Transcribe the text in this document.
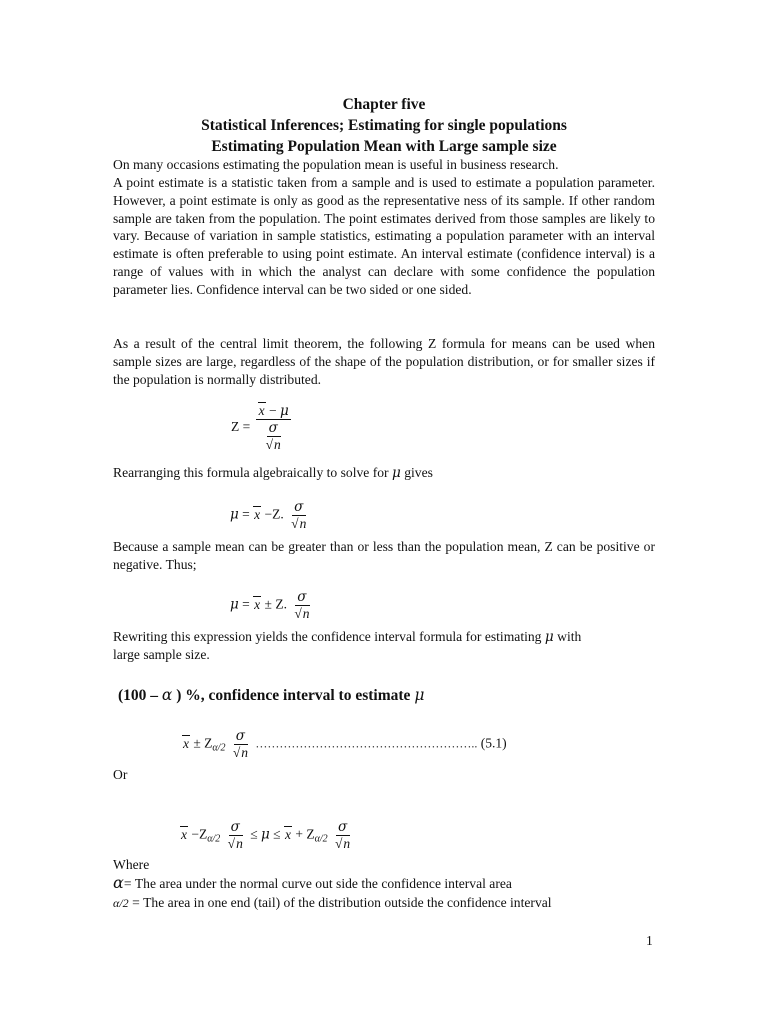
Chapter five
Statistical Inferences; Estimating for single populations
Estimating Population Mean with Large sample size

On many occasions estimating the population mean is useful in business research.

A point estimate is a statistic taken from a sample and is used to estimate a population parameter. However, a point estimate is only as good as the representative ness of its sample. If other random sample are taken from the population. The point estimates derived from those samples are likely to vary. Because of variation in sample statistics, estimating a population parameter with an interval estimate is often preferable to using point estimate. An interval estimate (confidence interval) is a range of values with in which the analyst can declare with some confidence the population parameter lies. Confidence interval can be two sided or one sided.

As a result of the central limit theorem, the following Z formula for means can be used when sample sizes are large, regardless of the shape of the population distribution, or for smaller sizes if the population is normally distributed.

$Z = \frac{x - \mu}{\frac{\sigma}{√n}}$
Rearranging this formula algebraically to solve for μ gives
μ = x −Z. $\frac{\sigma}{√n}$

Because a sample mean can be greater than or less than the population mean, Z can be positive or negative. Thus;

μ = x ± Z. $\frac{\sigma}{√n}$
Rewriting this expression yields the confidence interval formula for estimating μ with
large sample size.
(100 – α ) %, confidence interval to estimate μ
$x \pm Z_{\alpha/2} \frac{\sigma}{√n}$ ……………………………………………….. (5.1)
Or
$x -Z_{\alpha/2} \frac{\sigma}{√n} \le \mu \le x + Z_{\alpha/2} \frac{\sigma}{√n}$
Where
α= The area under the normal curve out side the confidence interval area
α/2 = The area in one end (tail) of the distribution outside the confidence interval
1
